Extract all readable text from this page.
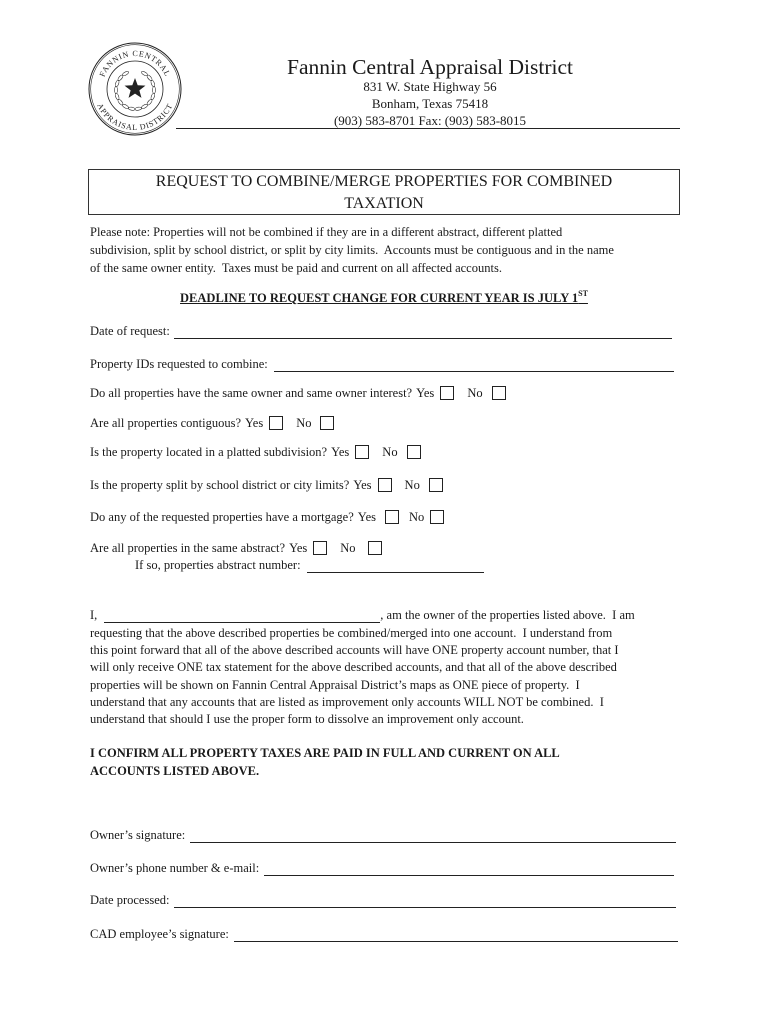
FANNIN CENTRAL
APPRAISAL DISTRICT
Fannin Central Appraisal District
831 W. State Highway 56
Bonham, Texas 75418
(903) 583-8701 Fax: (903) 583-8015
REQUEST TO COMBINE/MERGE PROPERTIES FOR COMBINED
TAXATION
Please note: Properties will not be combined if they are in a different abstract, different platted
subdivision, split by school district, or split by city limits.  Accounts must be contiguous and in the name
of the same owner entity.  Taxes must be paid and current on all affected accounts.
DEADLINE TO REQUEST CHANGE FOR CURRENT YEAR IS JULY 1ST
Date of request:
Property IDs requested to combine:
Do all properties have the same owner and same owner interest? Yes	No
Are all properties contiguous? Yes	No
Is the property located in a platted subdivision? Yes	No
Is the property split by school district or city limits? Yes	No
Do any of the requested properties have a mortgage? Yes	No
Are all properties in the same abstract? Yes	No
If so, properties abstract number:
I,	, am the owner of the properties listed above.  I am
requesting that the above described properties be combined/merged into one account.  I understand from
this point forward that all of the above described accounts will have ONE property account number, that I
will only receive ONE tax statement for the above described accounts, and that all of the above described
properties will be shown on Fannin Central Appraisal District’s maps as ONE piece of property.  I
understand that any accounts that are listed as improvement only accounts WILL NOT be combined.  I
understand that should I use the proper form to dissolve an improvement only account.
I CONFIRM ALL PROPERTY TAXES ARE PAID IN FULL AND CURRENT ON ALL
ACCOUNTS LISTED ABOVE.
Owner’s signature:
Owner’s phone number & e-mail:
Date processed:
CAD employee’s signature:
